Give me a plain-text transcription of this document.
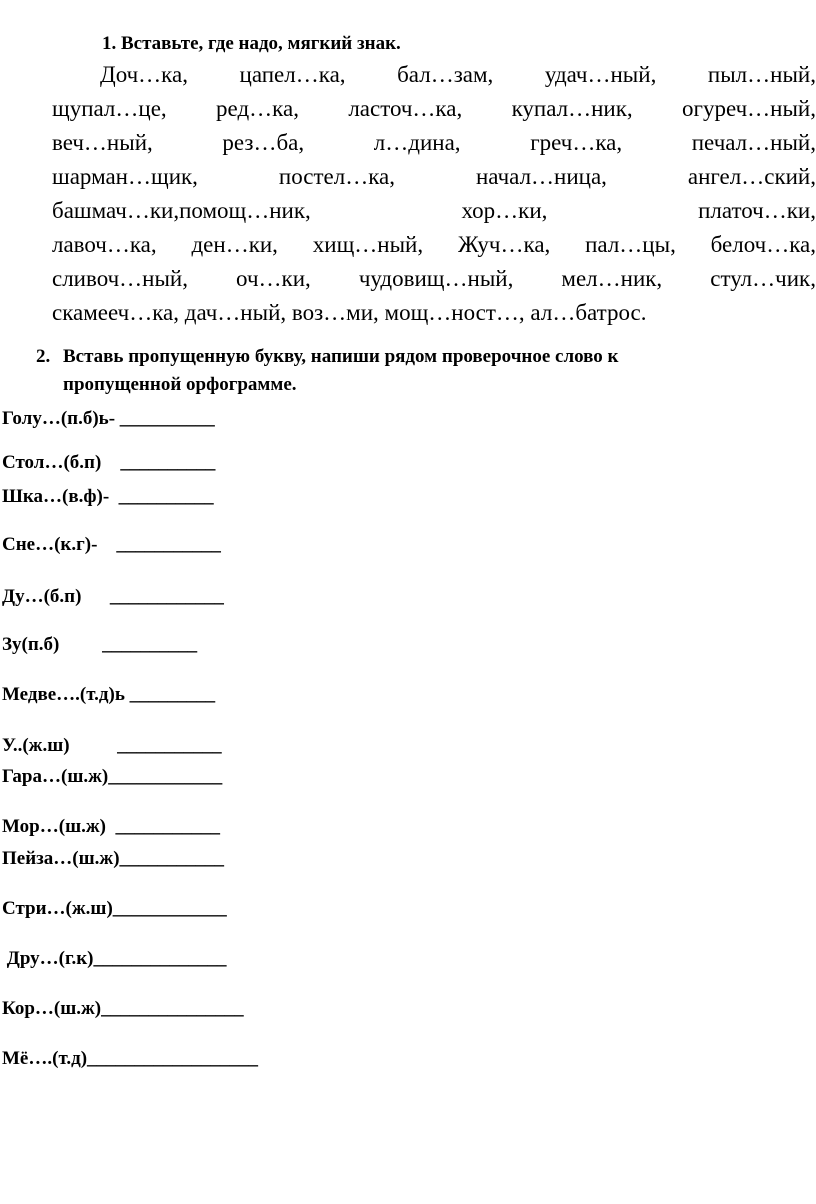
1. Вставьте, где надо, мягкий знак.
Доч…ка, цапел…ка, бал…зам, удач…ный, пыл…ный,
щупал…це, ред…ка, ласточ…ка, купал…ник, огуреч…ный,
веч…ный,	рез…ба,	л…дина,	греч…ка,	печал…ный,
шарман…щик,	постел…ка,	начал…ница,	ангел…ский,
башмач…ки,помощ…ник,	хор…ки,	платоч…ки,
лавоч…ка, ден…ки, хищ…ный, Жуч…ка, пал…цы, белоч…ка,
сливоч…ный, оч…ки, чудовищ…ный, мел…ник, стул…чик,
скамееч…ка, дач…ный, воз…ми, мощ…ност…, ал…батрос.
2. Вставь пропущенную букву, напиши рядом проверочное слово к
пропущенной орфограмме.
Голу…(п.б)ь- __________
Стол…(б.п)    __________
Шка…(в.ф)-  __________
Сне…(к.г)-    ___________
Ду…(б.п)      ____________
Зу(п.б)         __________
Медве….(т.д)ь _________
У..(ж.ш)          ___________
Гара…(ш.ж)____________
Мор…(ш.ж)  ___________
Пейза…(ш.ж)___________
Стри…(ж.ш)____________
Дру…(г.к)______________
Кор…(ш.ж)_______________
Мё….(т.д)__________________
